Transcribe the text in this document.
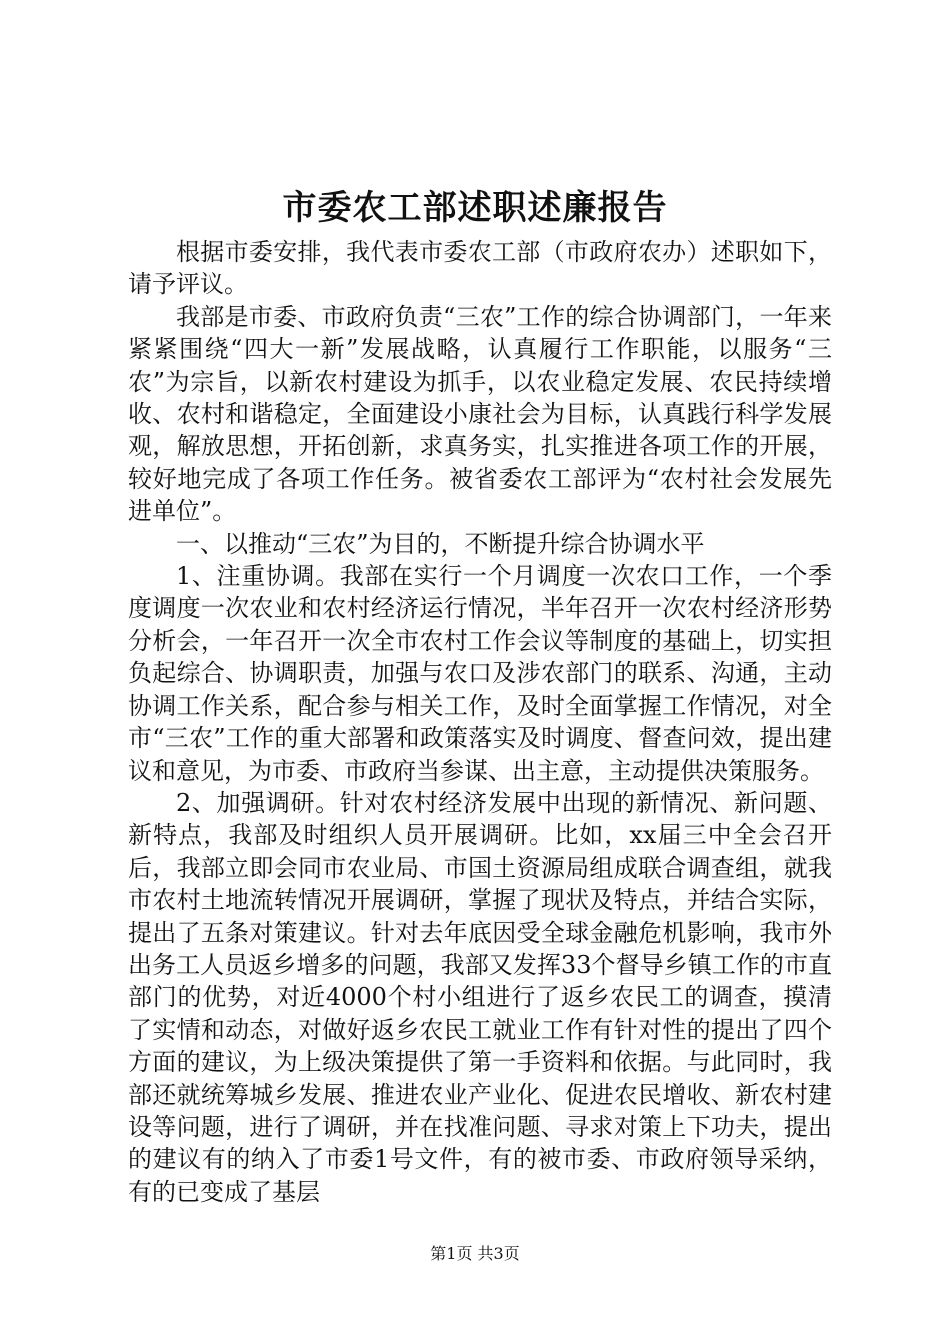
市委农工部述职述廉报告

根据市委安排，我代表市委农工部（市政府农办）述职如下，请予评议。

我部是市委、市政府负责“三农”工作的综合协调部门，一年来紧紧围绕“四大一新”发展战略，认真履行工作职能，以服务“三农”为宗旨，以新农村建设为抓手，以农业稳定发展、农民持续增收、农村和谐稳定，全面建设小康社会为目标，认真践行科学发展观，解放思想，开拓创新，求真务实，扎实推进各项工作的开展，较好地完成了各项工作任务。被省委农工部评为“农村社会发展先进单位”。

一、以推动“三农”为目的，不断提升综合协调水平

1、注重协调。我部在实行一个月调度一次农口工作，一个季度调度一次农业和农村经济运行情况，半年召开一次农村经济形势分析会，一年召开一次全市农村工作会议等制度的基础上，切实担负起综合、协调职责，加强与农口及涉农部门的联系、沟通，主动协调工作关系，配合参与相关工作，及时全面掌握工作情况，对全市“三农”工作的重大部署和政策落实及时调度、督查问效，提出建议和意见，为市委、市政府当参谋、出主意，主动提供决策服务。

2、加强调研。针对农村经济发展中出现的新情况、新问题、新特点，我部及时组织人员开展调研。比如，xx届三中全会召开后，我部立即会同市农业局、市国土资源局组成联合调查组，就我市农村土地流转情况开展调研，掌握了现状及特点，并结合实际，提出了五条对策建议。针对去年底因受全球金融危机影响，我市外出务工人员返乡增多的问题，我部又发挥33个督导乡镇工作的市直部门的优势，对近4000个村小组进行了返乡农民工的调查，摸清了实情和动态，对做好返乡农民工就业工作有针对性的提出了四个方面的建议，为上级决策提供了第一手资料和依据。与此同时，我部还就统筹城乡发展、推进农业产业化、促进农民增收、新农村建设等问题，进行了调研，并在找准问题、寻求对策上下功夫，提出的建议有的纳入了市委1号文件，有的被市委、市政府领导采纳，有的已变成了基层

第1页 共3页
